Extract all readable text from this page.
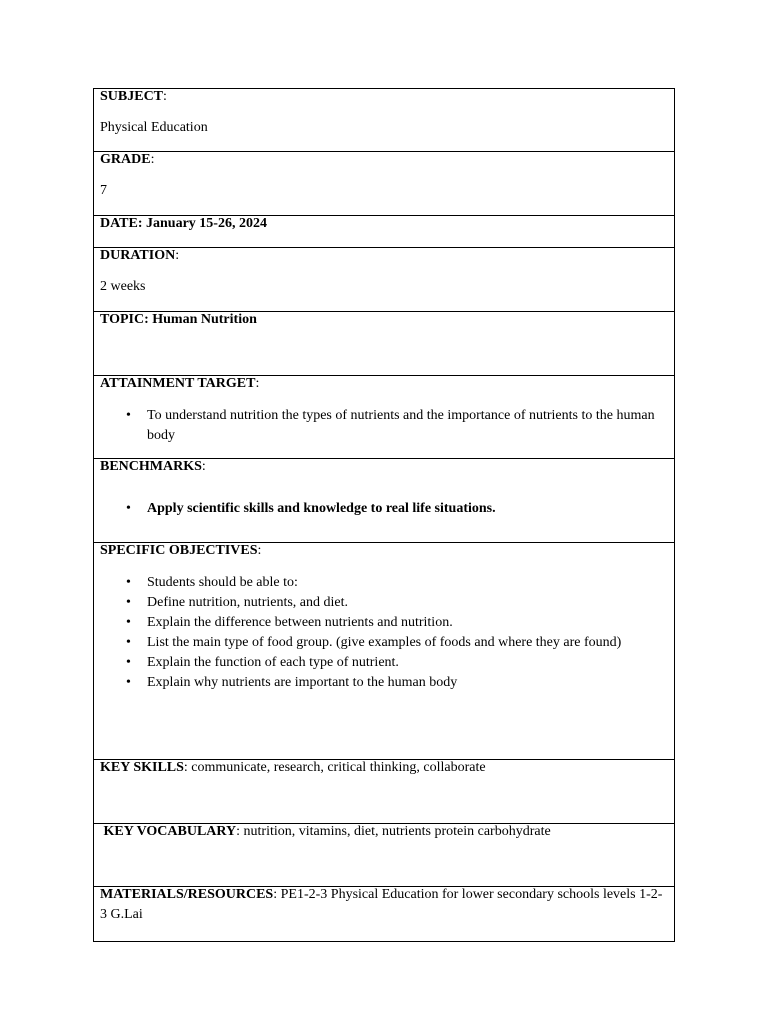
SUBJECT:
Physical Education
GRADE:
7
DATE: January 15-26, 2024
DURATION:
2 weeks
TOPIC: Human Nutrition
ATTAINMENT TARGET:
• To understand nutrition the types of nutrients and the importance of nutrients to the human body
BENCHMARKS:
• Apply scientific skills and knowledge to real life situations.
SPECIFIC OBJECTIVES:
• Students should be able to:
• Define nutrition, nutrients, and diet.
• Explain the difference between nutrients and nutrition.
• List the main type of food group. (give examples of foods and where they are found)
• Explain the function of each type of nutrient.
• Explain why nutrients are important to the human body
KEY SKILLS: communicate, research, critical thinking, collaborate
KEY VOCABULARY: nutrition, vitamins, diet, nutrients protein carbohydrate
MATERIALS/RESOURCES: PE1-2-3 Physical Education for lower secondary schools levels 1-2-3 G.Lai
